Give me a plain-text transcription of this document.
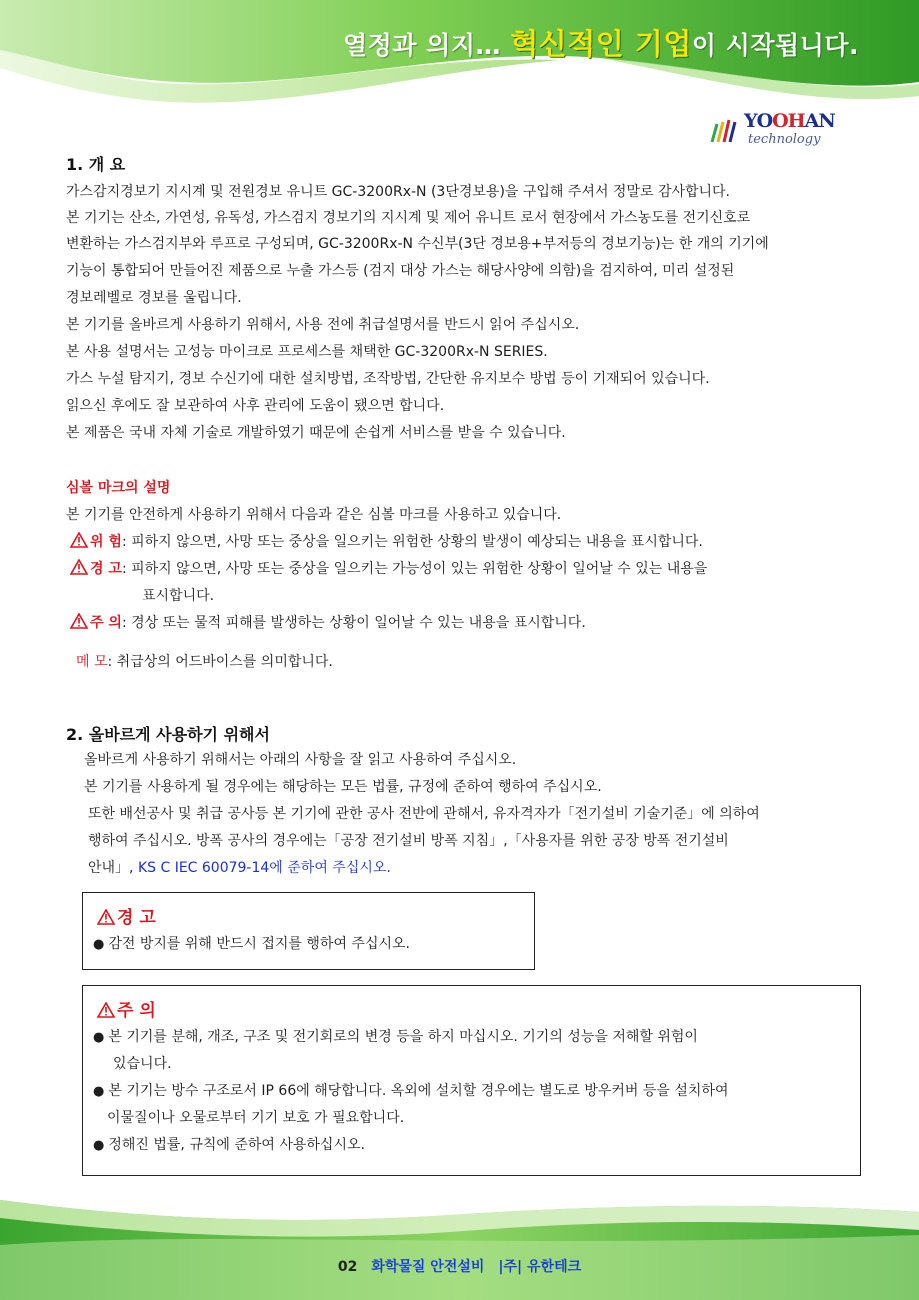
열정과 의지… 혁신적인 기업이 시작됩니다.
YOOHAN
technology
1. 개 요
가스감지경보기 지시계 및 전원경보 유니트 GC-3200Rx-N (3단경보용)을 구입해 주셔서 정말로 감사합니다.
본 기기는 산소, 가연성, 유독성, 가스검지 경보기의 지시계 및 제어 유니트 로서 현장에서 가스농도를 전기신호로
변환하는 가스검지부와 루프로 구성되며, GC-3200Rx-N 수신부(3단 경보용+부저등의 경보기능)는 한 개의 기기에
기능이 통합되어 만들어진 제품으로 누출 가스등 (검지 대상 가스는 해당사양에 의함)을 검지하여, 미리 설정된
경보레벨로 경보를 울립니다.
본 기기를 올바르게 사용하기 위해서, 사용 전에 취급설명서를 반드시 읽어 주십시오.
본 사용 설명서는 고성능 마이크로 프로세스를 채택한 GC-3200Rx-N SERIES.
가스 누설 탐지기, 경보 수신기에 대한 설치방법, 조작방법, 간단한 유지보수 방법 등이 기재되어 있습니다.
읽으신 후에도 잘 보관하여 사후 관리에 도움이 됐으면 합니다.
본 제품은 국내 자체 기술로 개발하였기 때문에 손쉽게 서비스를 받을 수 있습니다.
심볼 마크의 설명
본 기기를 안전하게 사용하기 위해서 다음과 같은 심볼 마크를 사용하고 있습니다.
위 험: 피하지 않으면, 사망 또는 중상을 일으키는 위험한 상황의 발생이 예상되는 내용을 표시합니다.
경 고: 피하지 않으면, 사망 또는 중상을 일으키는 가능성이 있는 위험한 상황이 일어날 수 있는 내용을
표시합니다.
주 의: 경상 또는 물적 피해를 발생하는 상황이 일어날 수 있는 내용을 표시합니다.
메 모: 취급상의 어드바이스를 의미합니다.
2. 올바르게 사용하기 위해서
올바르게 사용하기 위해서는 아래의 사항을 잘 읽고 사용하여 주십시오.
본 기기를 사용하게 될 경우에는 해당하는 모든 법률, 규정에 준하여 행하여 주십시오.
또한 배선공사 및 취급 공사등 본 기기에 관한 공사 전반에 관해서, 유자격자가「전기설비 기술기준」에 의하여
행하여 주십시오. 방폭 공사의 경우에는「공장 전기설비 방폭 지침」,「사용자를 위한 공장 방폭 전기설비
안내」, KS C IEC 60079-14에 준하여 주십시오.
경 고
● 감전 방지를 위해 반드시 접지를 행하여 주십시오.
주 의
● 본 기기를 분해, 개조, 구조 및 전기회로의 변경 등을 하지 마십시오. 기기의 성능을 저해할 위험이
있습니다.
● 본 기기는 방수 구조로서 IP 66에 해당합니다. 옥외에 설치할 경우에는 별도로 방우커버 등을 설치하여
이물질이나 오물로부터 기기 보호 가 필요합니다.
● 정해진 법률, 규칙에 준하여 사용하십시오.
02 화학물질 안전설비 |주| 유한테크
